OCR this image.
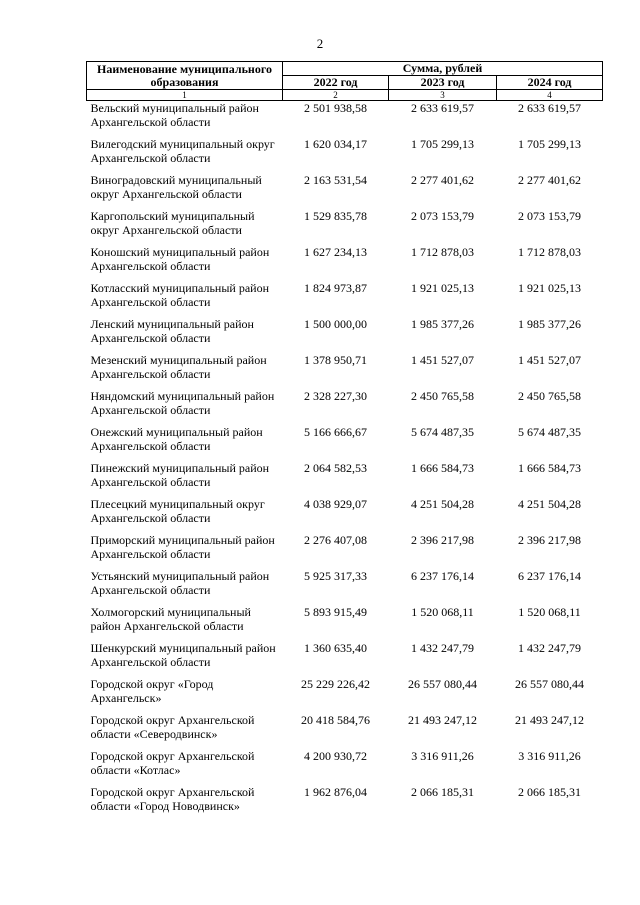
2
Наименование муниципального образования	Сумма, рублей		
	2022 год	2023 год	2024 год
1	2	3	4
Вельский муниципальный район Архангельской области	2 501 938,58	2 633 619,57	2 633 619,57
Вилегодский муниципальный округ Архангельской области	1 620 034,17	1 705 299,13	1 705 299,13
Виноградовский муниципальный округ Архангельской области	2 163 531,54	2 277 401,62	2 277 401,62
Каргопольский муниципальный округ Архангельской области	1 529 835,78	2 073 153,79	2 073 153,79
Коношский муниципальный район Архангельской области	1 627 234,13	1 712 878,03	1 712 878,03
Котласский муниципальный район Архангельской области	1 824 973,87	1 921 025,13	1 921 025,13
Ленский муниципальный район Архангельской области	1 500 000,00	1 985 377,26	1 985 377,26
Мезенский муниципальный район Архангельской области	1 378 950,71	1 451 527,07	1 451 527,07
Няндомский муниципальный район Архангельской области	2 328 227,30	2 450 765,58	2 450 765,58
Онежский муниципальный район Архангельской области	5 166 666,67	5 674 487,35	5 674 487,35
Пинежский муниципальный район Архангельской области	2 064 582,53	1 666 584,73	1 666 584,73
Плесецкий муниципальный округ Архангельской области	4 038 929,07	4 251 504,28	4 251 504,28
Приморский муниципальный район Архангельской области	2 276 407,08	2 396 217,98	2 396 217,98
Устьянский муниципальный район Архангельской области	5 925 317,33	6 237 176,14	6 237 176,14
Холмогорский муниципальный район Архангельской области	5 893 915,49	1 520 068,11	1 520 068,11
Шенкурский муниципальный район Архангельской области	1 360 635,40	1 432 247,79	1 432 247,79
Городской округ «Город Архангельск»	25 229 226,42	26 557 080,44	26 557 080,44
Городской округ Архангельской области «Северодвинск»	20 418 584,76	21 493 247,12	21 493 247,12
Городской округ Архангельской области «Котлас»	4 200 930,72	3 316 911,26	3 316 911,26
Городской округ Архангельской области «Город Новодвинск»	1 962 876,04	2 066 185,31	2 066 185,31
